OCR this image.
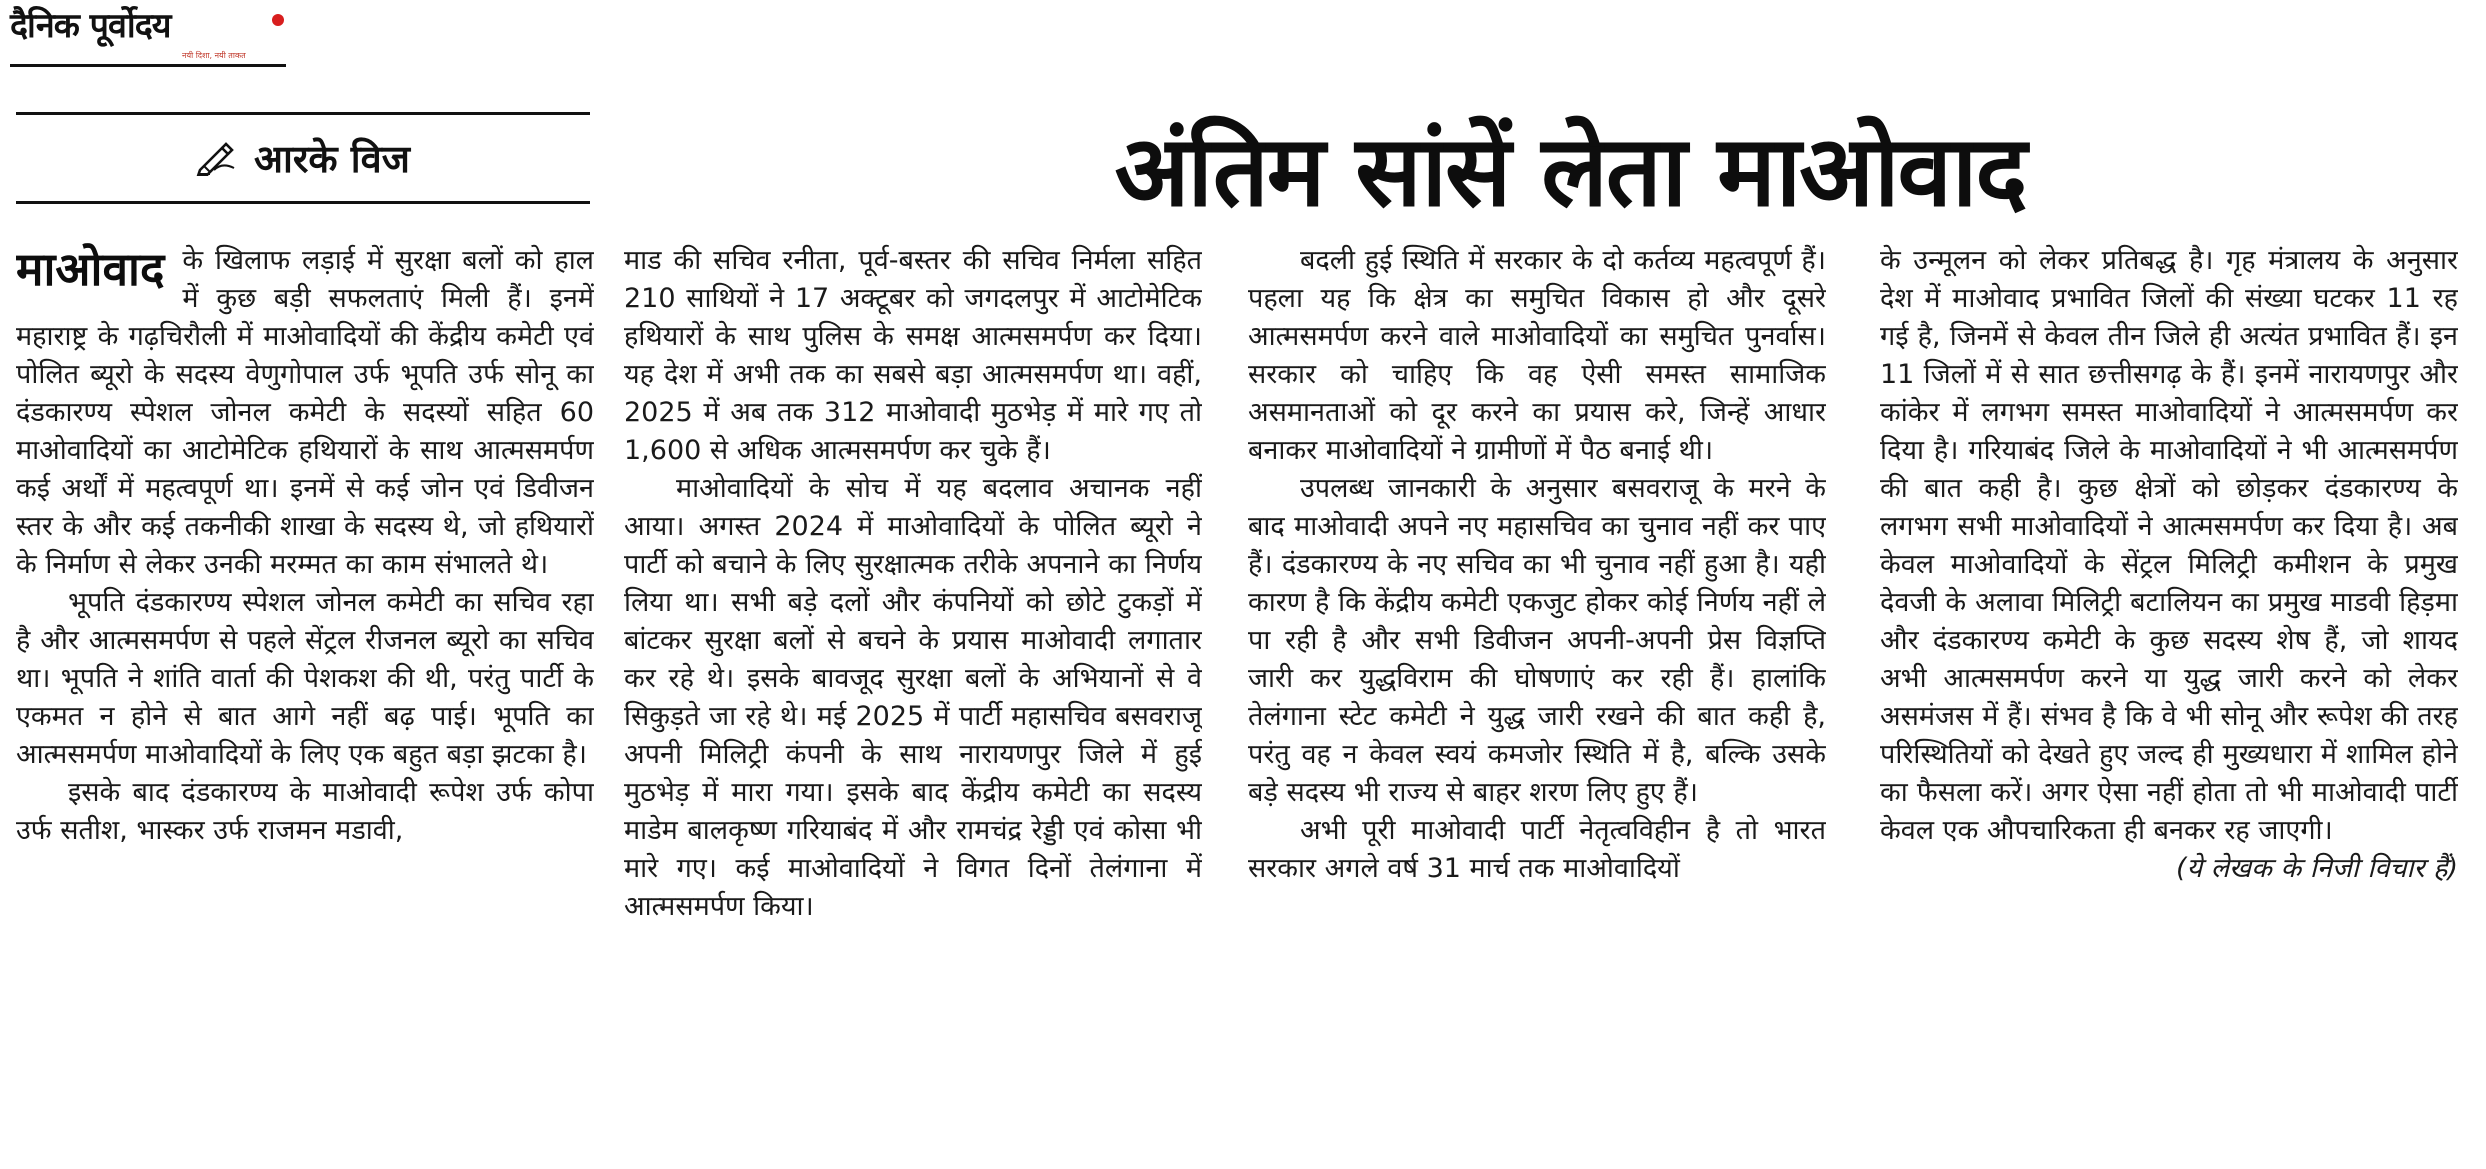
दैनिक पूर्वोदय
नयी दिशा, नयी ताकत
आरके विज	अंतिम सांसें लेता माओवाद
माओवाद के खिलाफ लड़ाई में सुरक्षा बलों को हाल में कुछ बड़ी सफलताएं मिली हैं। इनमें महाराष्ट्र के गढ़चिरौली में माओवादियों की केंद्रीय कमेटी एवं पोलित ब्यूरो के सदस्य वेणुगोपाल उर्फ भूपति उर्फ सोनू का दंडकारण्य स्पेशल जोनल कमेटी के सदस्यों सहित 60 माओवादियों का आटोमेटिक हथियारों के साथ आत्मसमर्पण कई अर्थों में महत्वपूर्ण था। इनमें से कई जोन एवं डिवीजन स्तर के और कई तकनीकी शाखा के सदस्य थे, जो हथियारों के निर्माण से लेकर उनकी मरम्मत का काम संभालते थे।

भूपति दंडकारण्य स्पेशल जोनल कमेटी का सचिव रहा है और आत्मसमर्पण से पहले सेंट्रल रीजनल ब्यूरो का सचिव था। भूपति ने शांति वार्ता की पेशकश की थी, परंतु पार्टी के एकमत न होने से बात आगे नहीं बढ़ पाई। भूपति का आत्मसमर्पण माओवादियों के लिए एक बहुत बड़ा झटका है।

इसके बाद दंडकारण्य के माओवादी रूपेश उर्फ कोपा उर्फ सतीश, भास्कर उर्फ राजमन मडावी,

माड की सचिव रनीता, पूर्व-बस्तर की सचिव निर्मला सहित 210 साथियों ने 17 अक्टूबर को जगदलपुर में आटोमेटिक हथियारों के साथ पुलिस के समक्ष आत्मसमर्पण कर दिया। यह देश में अभी तक का सबसे बड़ा आत्मसमर्पण था। वहीं, 2025 में अब तक 312 माओवादी मुठभेड़ में मारे गए तो 1,600 से अधिक आत्मसमर्पण कर चुके हैं।

माओवादियों के सोच में यह बदलाव अचानक नहीं आया। अगस्त 2024 में माओवादियों के पोलित ब्यूरो ने पार्टी को बचाने के लिए सुरक्षात्मक तरीके अपनाने का निर्णय लिया था। सभी बड़े दलों और कंपनियों को छोटे टुकड़ों में बांटकर सुरक्षा बलों से बचने के प्रयास माओवादी लगातार कर रहे थे। इसके बावजूद सुरक्षा बलों के अभियानों से वे सिकुड़ते जा रहे थे। मई 2025 में पार्टी महासचिव बसवराजू अपनी मिलिट्री कंपनी के साथ नारायणपुर जिले में हुई मुठभेड़ में मारा गया। इसके बाद केंद्रीय कमेटी का सदस्य माडेम बालकृष्ण गरियाबंद में और रामचंद्र रेड्डी एवं कोसा भी मारे गए। कई माओवादियों ने विगत दिनों तेलंगाना में आत्मसमर्पण किया।

बदली हुई स्थिति में सरकार के दो कर्तव्य महत्वपूर्ण हैं। पहला यह कि क्षेत्र का समुचित विकास हो और दूसरे आत्मसमर्पण करने वाले माओवादियों का समुचित पुनर्वास। सरकार को चाहिए कि वह ऐसी समस्त सामाजिक असमानताओं को दूर करने का प्रयास करे, जिन्हें आधार बनाकर माओवादियों ने ग्रामीणों में पैठ बनाई थी।

उपलब्ध जानकारी के अनुसार बसवराजू के मरने के बाद माओवादी अपने नए महासचिव का चुनाव नहीं कर पाए हैं। दंडकारण्य के नए सचिव का भी चुनाव नहीं हुआ है। यही कारण है कि केंद्रीय कमेटी एकजुट होकर कोई निर्णय नहीं ले पा रही है और सभी डिवीजन अपनी-अपनी प्रेस विज्ञप्ति जारी कर युद्धविराम की घोषणाएं कर रही हैं। हालांकि तेलंगाना स्टेट कमेटी ने युद्ध जारी रखने की बात कही है, परंतु वह न केवल स्वयं कमजोर स्थिति में है, बल्कि उसके बड़े सदस्य भी राज्य से बाहर शरण लिए हुए हैं।

अभी पूरी माओवादी पार्टी नेतृत्वविहीन है तो भारत सरकार अगले वर्ष 31 मार्च तक माओवादियों

के उन्मूलन को लेकर प्रतिबद्ध है। गृह मंत्रालय के अनुसार देश में माओवाद प्रभावित जिलों की संख्या घटकर 11 रह गई है, जिनमें से केवल तीन जिले ही अत्यंत प्रभावित हैं। इन 11 जिलों में से सात छत्तीसगढ़ के हैं। इनमें नारायणपुर और कांकेर में लगभग समस्त माओवादियों ने आत्मसमर्पण कर दिया है। गरियाबंद जिले के माओवादियों ने भी आत्मसमर्पण की बात कही है। कुछ क्षेत्रों को छोड़कर दंडकारण्य के लगभग सभी माओवादियों ने आत्मसमर्पण कर दिया है। अब केवल माओवादियों के सेंट्रल मिलिट्री कमीशन के प्रमुख देवजी के अलावा मिलिट्री बटालियन का प्रमुख माडवी हिड़मा और दंडकारण्य कमेटी के कुछ सदस्य शेष हैं, जो शायद अभी आत्मसमर्पण करने या युद्ध जारी करने को लेकर असमंजस में हैं। संभव है कि वे भी सोनू और रूपेश की तरह परिस्थितियों को देखते हुए जल्द ही मुख्यधारा में शामिल होने का फैसला करें। अगर ऐसा नहीं होता तो भी माओवादी पार्टी केवल एक औपचारिकता ही बनकर रह जाएगी।

(ये लेखक के निजी विचार हैं)
